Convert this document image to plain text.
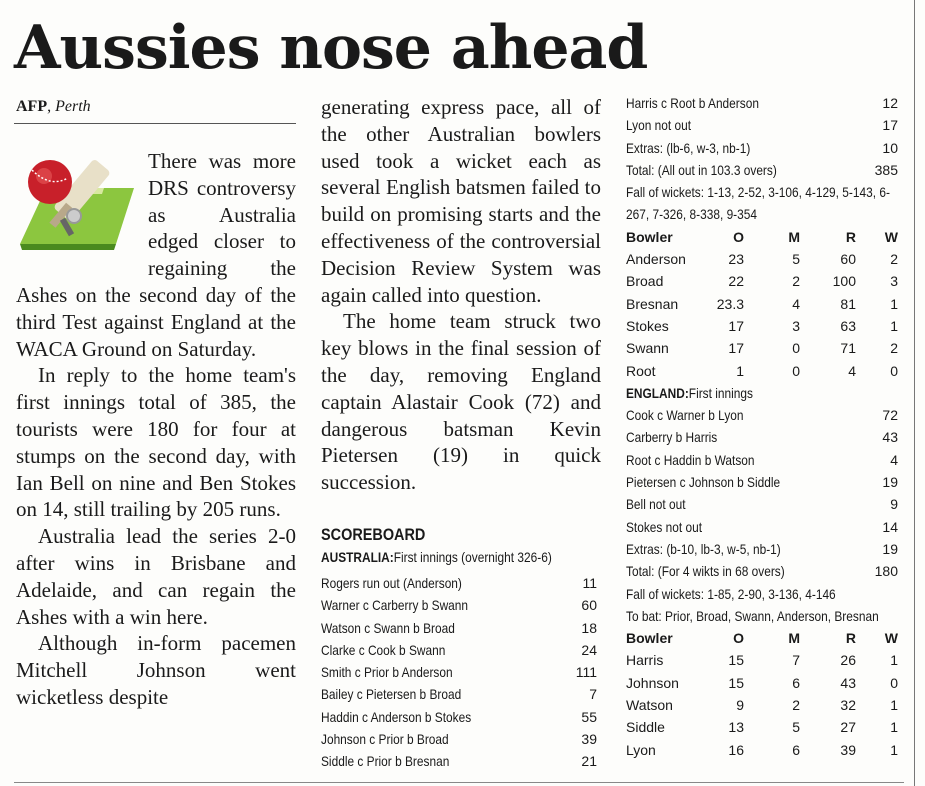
Aussies nose ahead
AFP, Perth

There was more DRS controversy as Australia edged closer to regaining the Ashes on the second day of the third Test against England at the WACA Ground on Saturday.

In reply to the home team's first innings total of 385, the tourists were 180 for four at stumps on the second day, with Ian Bell on nine and Ben Stokes on 14, still trailing by 205 runs.

Australia lead the series 2-0 after wins in Brisbane and Adelaide, and can regain the Ashes with a win here.

Although in-form pacemen Mitchell Johnson went wicketless despite

generating express pace, all of the other Australian bowlers used took a wicket each as several English batsmen failed to build on promising starts and the effectiveness of the controversial Decision Review System was again called into question.

The home team struck two key blows in the final session of the day, removing England captain Alastair Cook (72) and dangerous batsman Kevin Pietersen (19) in quick succession.

SCOREBOARD
AUSTRALIA:First innings (overnight 326-6)
Rogers run out (Anderson)	11
Warner c Carberry b Swann	60
Watson c Swann b Broad	18
Clarke c Cook b Swann	24
Smith c Prior b Anderson	111
Bailey c Pietersen b Broad	7
Haddin c Anderson b Stokes	55
Johnson c Prior b Broad	39
Siddle c Prior b Bresnan	21
Harris c Root b Anderson	12
Lyon not out	17
Extras: (lb-6, w-3, nb-1)	10
Total: (All out in 103.3 overs)	385
Fall of wickets: 1-13, 2-52, 3-106, 4-129, 5-143, 6-267, 7-326, 8-338, 9-354
Bowler	O	M	R	W
Anderson	23	5	60	2
Broad	22	2	100	3
Bresnan	23.3	4	81	1
Stokes	17	3	63	1
Swann	17	0	71	2
Root	1	0	4	0
ENGLAND:First innings
Cook c Warner b Lyon	72
Carberry b Harris	43
Root c Haddin b Watson	4
Pietersen c Johnson b Siddle	19
Bell not out	9
Stokes not out	14
Extras: (b-10, lb-3, w-5, nb-1)	19
Total: (For 4 wikts in 68 overs)	180
Fall of wickets: 1-85, 2-90, 3-136, 4-146
To bat: Prior, Broad, Swann, Anderson, Bresnan
Bowler	O	M	R	W
Harris	15	7	26	1
Johnson	15	6	43	0
Watson	9	2	32	1
Siddle	13	5	27	1
Lyon	16	6	39	1
